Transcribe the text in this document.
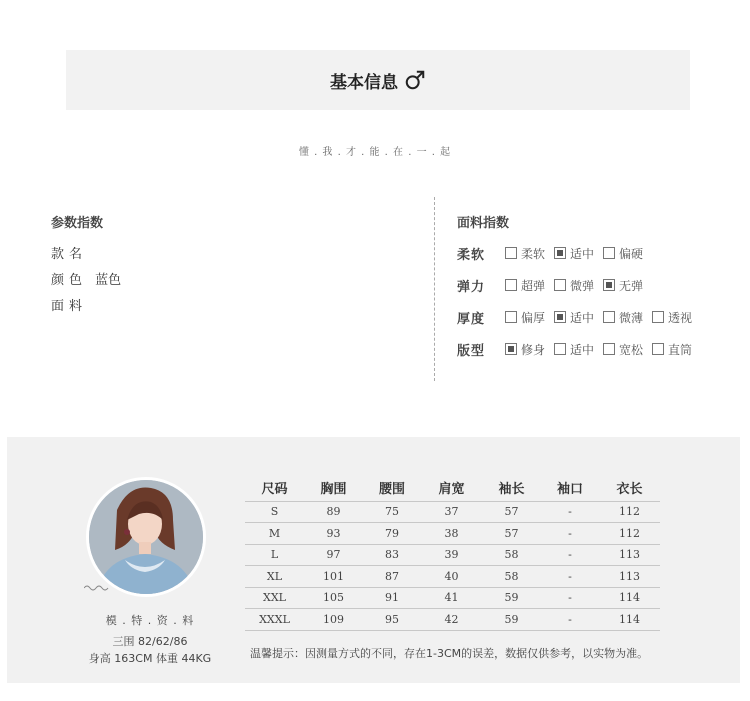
基本信息
懂 . 我 . 才 . 能 . 在 . 一 . 起
参数指数
款名
颜色 蓝色
面料
面料指数
柔软	柔软 适中 偏硬
弹力	超弹 微弹 无弹
厚度	偏厚 适中 微薄 透视
版型	修身 适中 宽松 直筒
模 . 特 . 资 . 料
三围 82/62/86
身高 163CM 体重 44KG
尺码	胸围	腰围	肩宽	袖长	袖口	衣长
S	89	75	37	57	-	112
M	93	79	38	57	-	112
L	97	83	39	58	-	113
XL	101	87	40	58	-	113
XXL	105	91	41	59	-	114
XXXL	109	95	42	59	-	114
温馨提示：因测量方式的不同，存在1-3CM的误差，数据仅供参考，以实物为准。
